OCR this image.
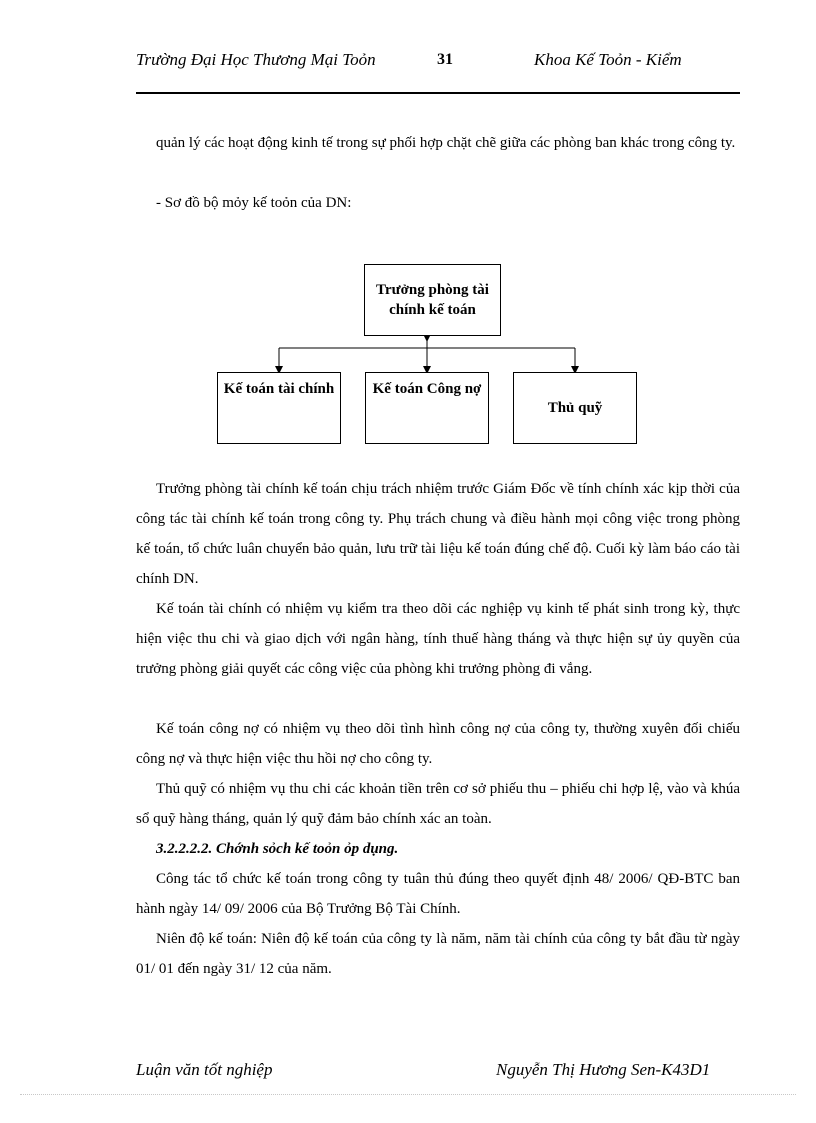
Trường Đại Học Thương Mại Toỏn	31	Khoa Kế Toỏn - Kiểm

quản lý các hoạt động kinh tế trong sự phối hợp chặt chẽ giữa các phòng ban khác trong công ty.

- Sơ đồ bộ mỏy kế toỏn của DN:

Trưởng phòng tài chính kế toán
Kế toán tài chính	Kế toán Công nợ
Thủ quỹ

Trưởng phòng tài chính kế toán chịu trách nhiệm trước Giám Đốc về tính chính xác kịp thời của công tác tài chính kế toán trong công ty. Phụ trách chung và điều hành mọi công việc trong phòng kế toán, tổ chức luân chuyển bảo quản, lưu trữ tài liệu kế toán đúng chế độ. Cuối kỳ làm báo cáo tài chính DN.

Kế toán tài chính có nhiệm vụ kiểm tra theo dõi các nghiệp vụ kinh tế phát sinh trong kỳ, thực hiện việc thu chi và giao dịch với ngân hàng, tính thuế hàng tháng và thực hiện sự ủy quyền của trưởng phòng giải quyết các công việc của phòng khi trưởng phòng đi vắng.

Kế toán công nợ có nhiệm vụ theo dõi tình hình công nợ của công ty, thường xuyên đối chiếu công nợ và thực hiện việc thu hồi nợ cho công ty.

Thủ quỹ có nhiệm vụ thu chi các khoản tiền trên cơ sở phiếu thu – phiếu chi hợp lệ, vào và khúa sổ quỹ hàng tháng, quản lý quỹ đảm bảo chính xác an toàn.

3.2.2.2.2. Chớnh sỏch kế toỏn ỏp dụng.

Công tác tổ chức kế toán trong công ty tuân thủ đúng theo quyết định 48/ 2006/ QĐ-BTC ban hành ngày 14/ 09/ 2006 của Bộ Trưởng Bộ Tài Chính.

Niên độ kế toán: Niên độ kế toán của công ty là năm, năm tài chính của công ty bắt đầu từ ngày 01/ 01 đến ngày 31/ 12 của năm.

Luận văn tốt nghiệp	Nguyễn Thị Hương Sen-K43D1
